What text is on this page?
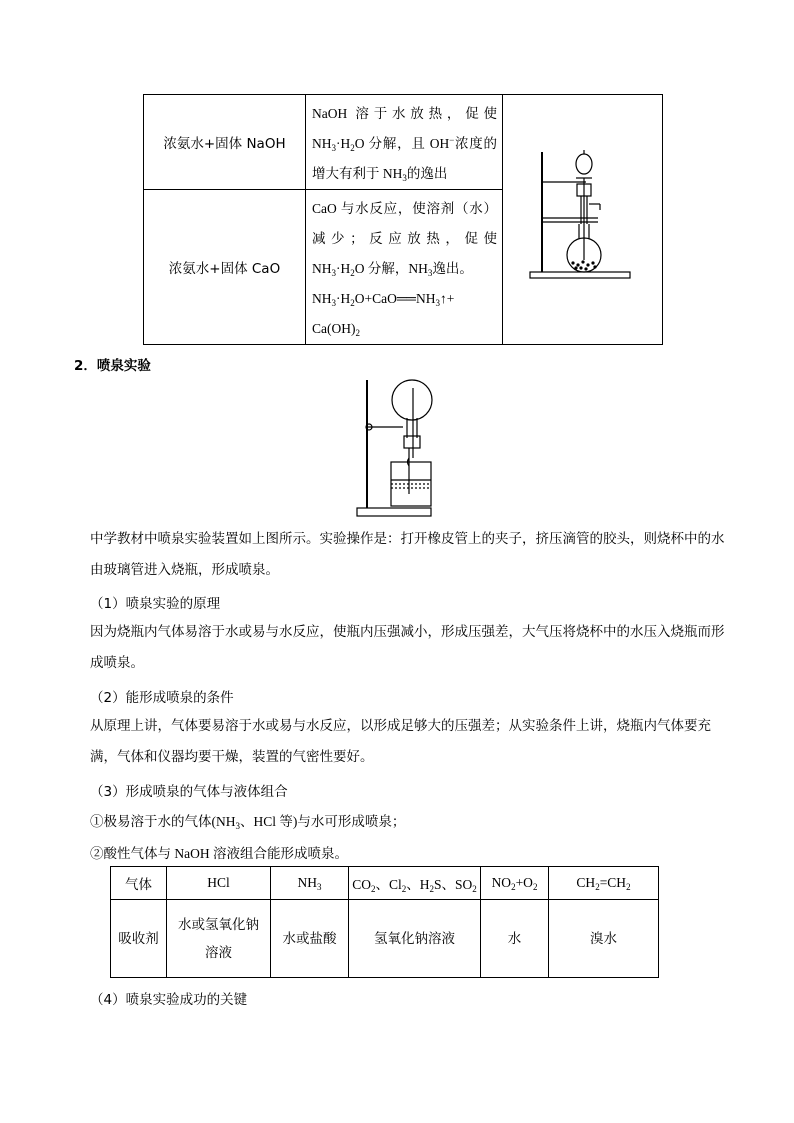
浓氨水+固体 NaOH	NaOH 溶于水放热，促使 $NH_3\cdot H_2O$ 分解，且 OH−浓度的增大有利于 $NH_3$的逸出	
浓氨水+固体 CaO	CaO 与水反应，使溶剂（水）减少；反应放热，促使 $NH_3\cdot H_2O$ 分解，$NH_3$逸出。
$NH_3\cdot H_2O+CaO══NH_3↑+ Ca(OH)_2$
2．喷泉实验
中学教材中喷泉实验装置如上图所示。实验操作是：打开橡皮管上的夹子，挤压滴管的胶头，则烧杯中的水由玻璃管进入烧瓶，形成喷泉。
（1）喷泉实验的原理
因为烧瓶内气体易溶于水或易与水反应，使瓶内压强减小，形成压强差，大气压将烧杯中的水压入烧瓶而形成喷泉。
（2）能形成喷泉的条件
从原理上讲，气体要易溶于水或易与水反应，以形成足够大的压强差；从实验条件上讲，烧瓶内气体要充满，气体和仪器均要干燥，装置的气密性要好。
（3）形成喷泉的气体与液体组合
①极易溶于水的气体($NH_3$、HCl 等)与水可形成喷泉；
②酸性气体与 NaOH 溶液组合能形成喷泉。
气体	HCl	$NH_3$	$CO_2$、$Cl_2$、$H_2S$、$SO_2$	$NO_2+O_2$	$CH_2=CH_2$
吸收剂	水或氢氧化钠溶液	水或盐酸	氢氧化钠溶液	水	溴水
（4）喷泉实验成功的关键
